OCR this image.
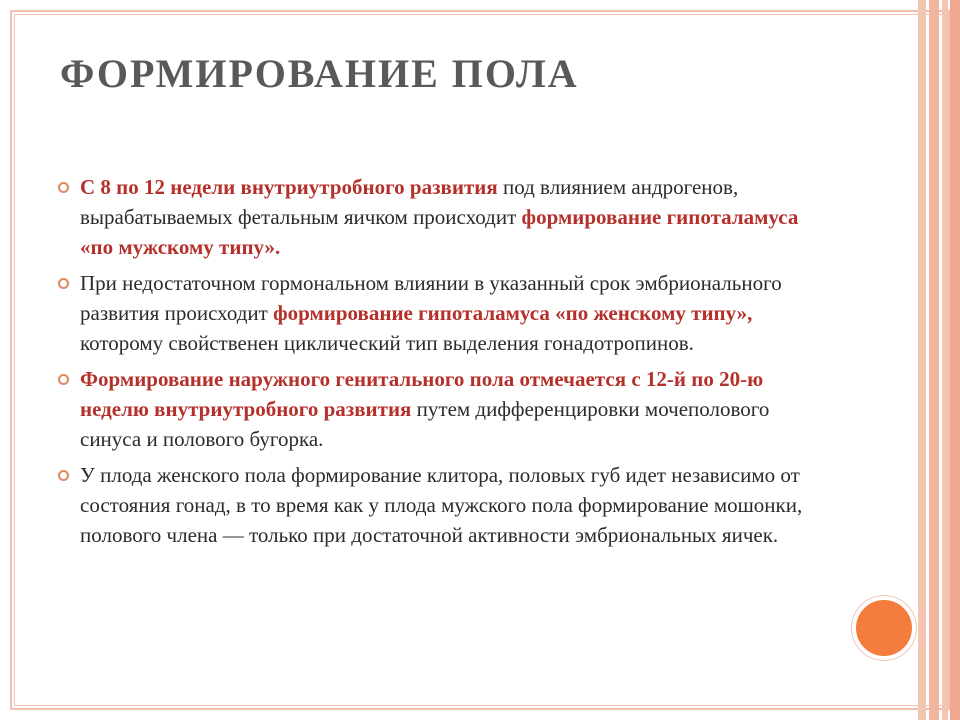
ФОРМИРОВАНИЕ ПОЛА

С 8 по 12 недели внутриутробного развития под влиянием андрогенов, вырабатываемых фетальным яичком происходит формирование гипоталамуса «по мужскому типу».

При недостаточном гормональном влиянии в указанный срок эмбрионального развития происходит формирование гипоталамуса «по женскому типу», которому свойственен циклический тип выделения гонадотропинов.

Формирование наружного генитального пола отмечается с 12-й по 20-ю неделю внутриутробного развития путем дифференцировки мочеполового синуса и полового бугорка.

У плода женского пола формирование клитора, половых губ идет независимо от состояния гонад, в то время как у плода мужского пола формирование мошонки, полового члена — только при достаточной активности эмбриональных яичек.
